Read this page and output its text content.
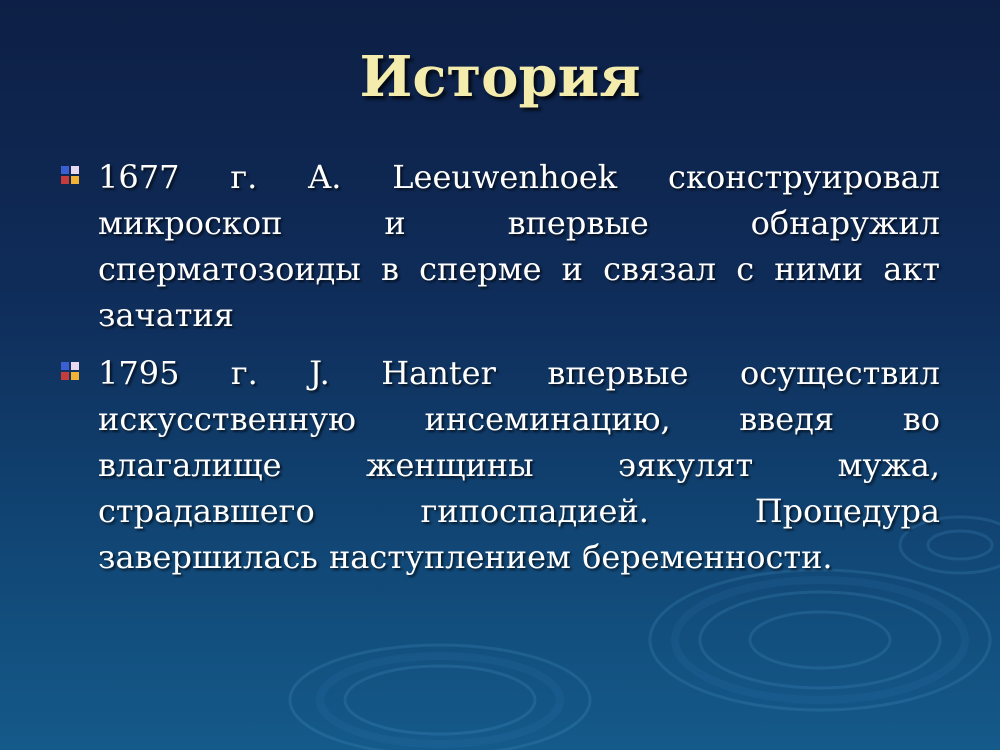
История
1677 г. A. Leeuwenhoek сконструировал микроскоп и впервые обнаружил сперматозоиды в сперме и связал с ними акт зачатия
1795 г. J. Hanter впервые осуществил искусственную инсеминацию, введя во влагалище женщины эякулят мужа, страдавшего гипоспадией. Процедура завершилась наступлением беременности.
